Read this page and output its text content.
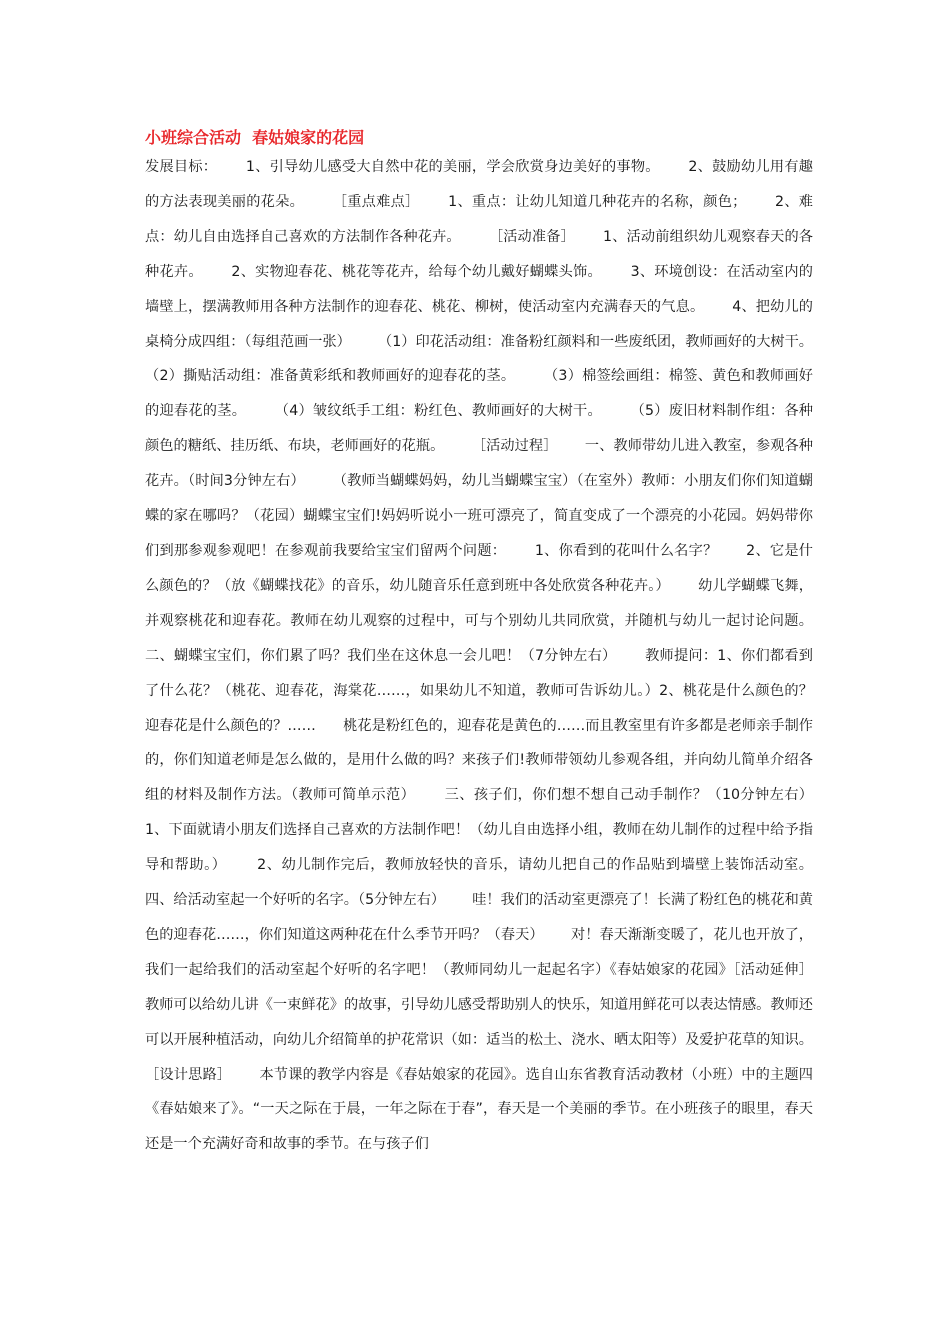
小班综合活动  春姑娘家的花园

发展目标：      1、引导幼儿感受大自然中花的美丽，学会欣赏身边美好的事物。      2、鼓励幼儿用有趣的方法表现美丽的花朵。      ［重点难点］      1、重点：让幼儿知道几种花卉的名称，颜色；      2、难点：幼儿自由选择自己喜欢的方法制作各种花卉。      ［活动准备］      1、活动前组织幼儿观察春天的各种花卉。      2、实物迎春花、桃花等花卉，给每个幼儿戴好蝴蝶头饰。      3、环境创设：在活动室内的墙壁上，摆满教师用各种方法制作的迎春花、桃花、柳树，使活动室内充满春天的气息。      4、把幼儿的桌椅分成四组：（每组范画一张）      （1）印花活动组：准备粉红颜料和一些废纸团，教师画好的大树干。      （2）撕贴活动组：准备黄彩纸和教师画好的迎春花的茎。      （3）棉签绘画组：棉签、黄色和教师画好的迎春花的茎。      （4）皱纹纸手工组：粉红色、教师画好的大树干。      （5）废旧材料制作组：各种颜色的糖纸、挂历纸、布块，老师画好的花瓶。      ［活动过程］      一、教师带幼儿进入教室，参观各种花卉。（时间3分钟左右）      （教师当蝴蝶妈妈，幼儿当蝴蝶宝宝）（在室外）教师：小朋友们你们知道蝴蝶的家在哪吗？（花园）蝴蝶宝宝们!妈妈听说小一班可漂亮了，简直变成了一个漂亮的小花园。妈妈带你们到那参观参观吧！在参观前我要给宝宝们留两个问题：      1、你看到的花叫什么名字？      2、它是什么颜色的？（放《蝴蝶找花》的音乐，幼儿随音乐任意到班中各处欣赏各种花卉。）      幼儿学蝴蝶飞舞，并观察桃花和迎春花。教师在幼儿观察的过程中，可与个别幼儿共同欣赏，并随机与幼儿一起讨论问题。      二、蝴蝶宝宝们，你们累了吗？我们坐在这休息一会儿吧！（7分钟左右）      教师提问：1、你们都看到了什么花？（桃花、迎春花，海棠花……，如果幼儿不知道，教师可告诉幼儿。）2、桃花是什么颜色的？迎春花是什么颜色的？……      桃花是粉红色的，迎春花是黄色的……而且教室里有许多都是老师亲手制作的，你们知道老师是怎么做的，是用什么做的吗？来孩子们!教师带领幼儿参观各组，并向幼儿简单介绍各组的材料及制作方法。（教师可简单示范）      三、孩子们，你们想不想自己动手制作？（10分钟左右）      1、下面就请小朋友们选择自己喜欢的方法制作吧！（幼儿自由选择小组，教师在幼儿制作的过程中给予指导和帮助。）      2、幼儿制作完后，教师放轻快的音乐，请幼儿把自己的作品贴到墙壁上装饰活动室。      四、给活动室起一个好听的名字。（5分钟左右）      哇！我们的活动室更漂亮了！长满了粉红色的桃花和黄色的迎春花……，你们知道这两种花在什么季节开吗？（春天）      对！春天渐渐变暖了，花儿也开放了，我们一起给我们的活动室起个好听的名字吧！（教师同幼儿一起起名字）《春姑娘家的花园》［活动延伸］      教师可以给幼儿讲《一束鲜花》的故事，引导幼儿感受帮助别人的快乐，知道用鲜花可以表达情感。教师还可以开展种植活动，向幼儿介绍简单的护花常识（如：适当的松土、浇水、晒太阳等）及爱护花草的知识。      ［设计思路］      本节课的教学内容是《春姑娘家的花园》。选自山东省教育活动教材（小班）中的主题四《春姑娘来了》。“一天之际在于晨，一年之际在于春”，春天是一个美丽的季节。在小班孩子的眼里，春天还是一个充满好奇和故事的季节。在与孩子们
